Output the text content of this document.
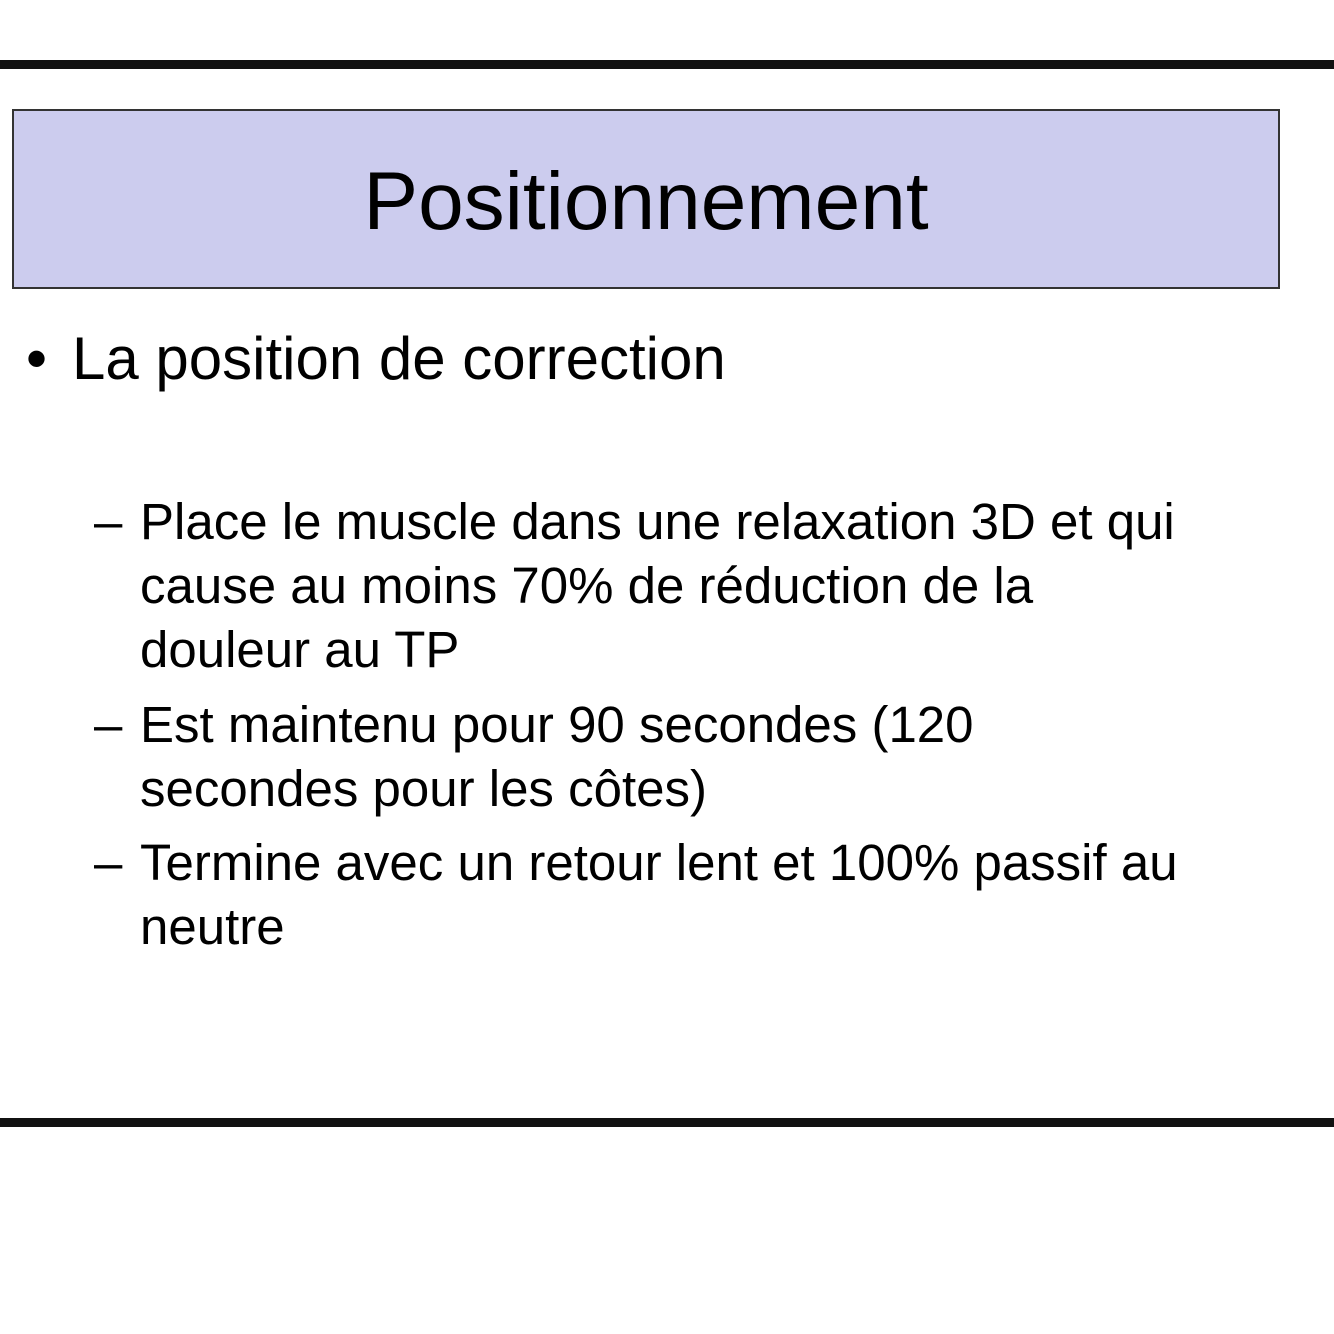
Positionnement
• La position de correction
– Place le muscle dans une relaxation 3D et qui
cause au moins 70% de réduction de la
douleur au TP
– Est maintenu pour 90 secondes (120
secondes pour les côtes)
– Termine avec un retour lent et 100% passif au
neutre
